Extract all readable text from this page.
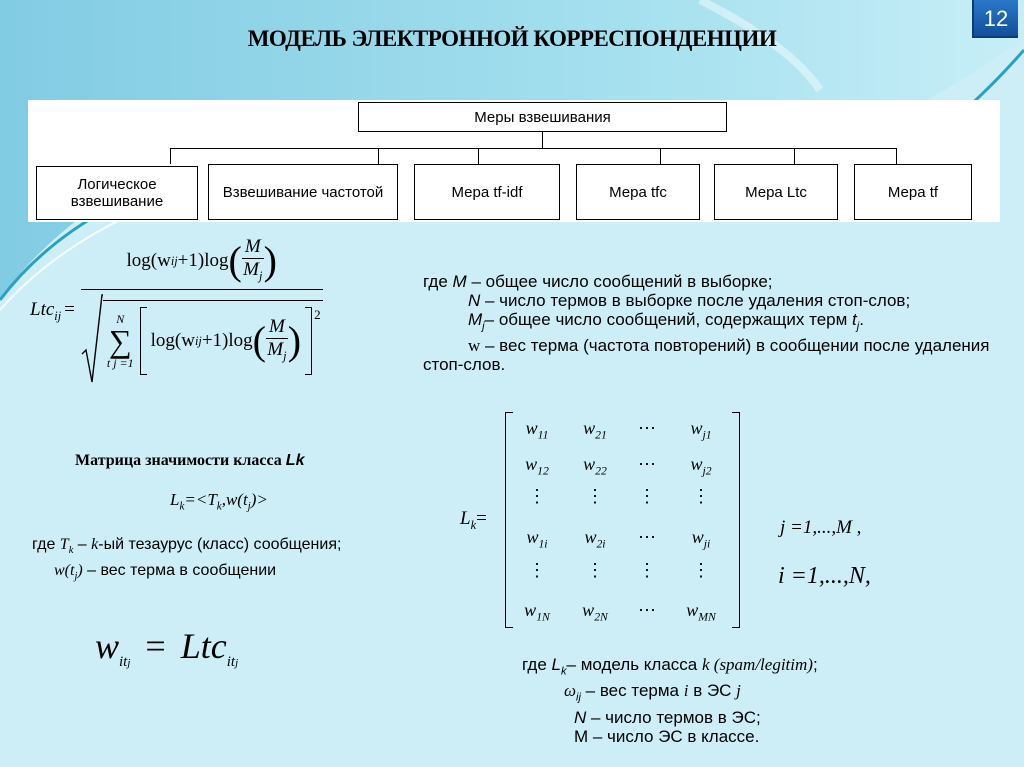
МОДЕЛЬ ЭЛЕКТРОННОЙ КОРРЕСПОНДЕНЦИИ
12
Меры взвешивания
Логическое взвешивание
Взвешивание частотой	Мера tf-idf	Мера tfc	Мера Ltc	Мера tf
Ltc$_{ij}$ =
log(w ij +1)log ( $\frac{M}{M_j}$ )
N
∑
t j =1
log(w ij +1)log ( $\frac{M}{M_j}$ )
2
где M – общее число сообщений в выборке;
N – число термов в выборке после удаления стоп-слов;
$M_j-$ общее число сообщений, содержащих терм $t_j$.
w – вес терма (частота повторений) в сообщении после удаления стоп-слов.
Матрица значимости класса Lk
$L_k=<T_k,w(t_j)>$
где $T_k - k-ый$ тезаурус (класс) сообщения;
$w(t_j)$ – вес терма в сообщении
$w_{itj} = Ltc_{itj}$
$L_k=$
$w_{11}$	$w_{21}$	⋯	$w_{j1}$
$w_{12}$	$w_{22}$	⋯	$w_{j2}$
⋮	⋮	⋮	⋮
$w_{1i}$	$w_{2i}$	⋯	$w_{ji}$
⋮	⋮	⋮	⋮
$w_{1N}$	$w_{2N}$	⋯	$w_{MN}$
j =1,...,M ,
i =1,...,N,
где $L_k-$ модель класса k (spam/legitim);
$\omega_{ij}$ – вес терма i в ЭС j
N – число термов в ЭС;
М – число ЭС в классе.
